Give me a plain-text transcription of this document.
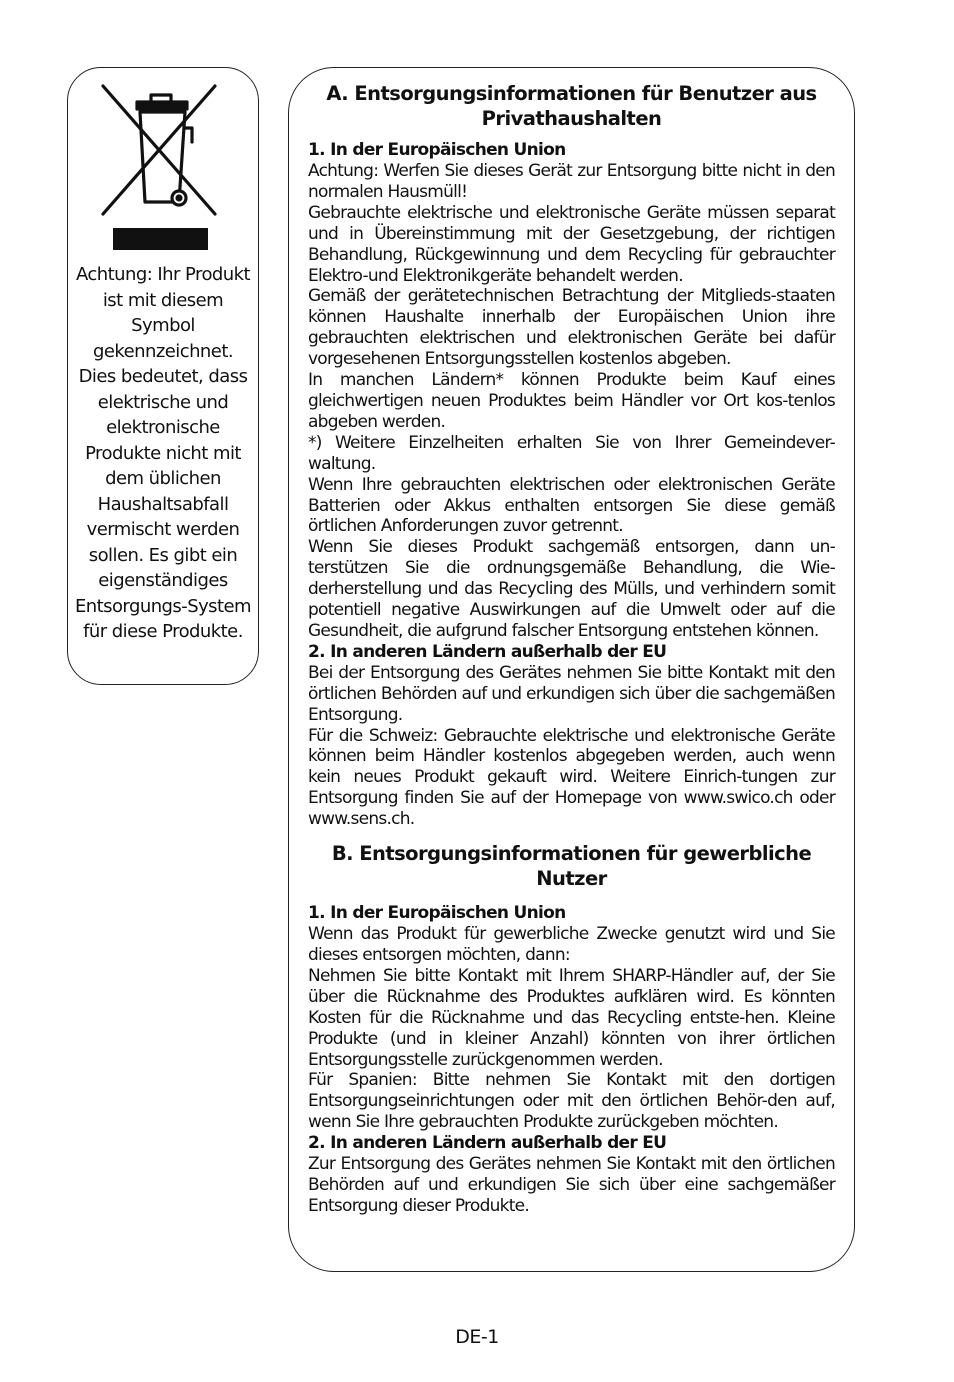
Achtung: Ihr Produkt ist mit diesem Symbol gekennzeichnet. Dies bedeutet, dass elektrische und elektronische Produkte nicht mit dem üblichen Haushaltsabfall vermischt werden sollen. Es gibt ein eigenständiges Entsorgungs-System für diese Produkte.
A. Entsorgungsinformationen für Benutzer aus Privathaushalten

1. In der Europäischen Union

Achtung: Werfen Sie dieses Gerät zur Entsorgung bitte nicht in den normalen Hausmüll!

Gebrauchte elektrische und elektronische Geräte müssen separat und in Übereinstimmung mit der Gesetzgebung, der richtigen Behandlung, Rückgewinnung und dem Recycling für gebrauchter Elektro-und Elektronikgeräte behandelt werden.

Gemäß der gerätetechnischen Betrachtung der Mitglieds-staaten können Haushalte innerhalb der Europäischen Union ihre gebrauchten elektrischen und elektronischen Geräte bei dafür vorgesehenen Entsorgungsstellen kostenlos abgeben.

In manchen Ländern* können Produkte beim Kauf eines gleichwertigen neuen Produktes beim Händler vor Ort kos-tenlos abgeben werden.

*) Weitere Einzelheiten erhalten Sie von Ihrer Gemeindever-waltung.

Wenn Ihre gebrauchten elektrischen oder elektronischen Geräte Batterien oder Akkus enthalten entsorgen Sie diese gemäß örtlichen Anforderungen zuvor getrennt.

Wenn Sie dieses Produkt sachgemäß entsorgen, dann un-terstützen Sie die ordnungsgemäße Behandlung, die Wie-derherstellung und das Recycling des Mülls, und verhindern somit potentiell negative Auswirkungen auf die Umwelt oder auf die Gesundheit, die aufgrund falscher Entsorgung entstehen können.

2. In anderen Ländern außerhalb der EU

Bei der Entsorgung des Gerätes nehmen Sie bitte Kontakt mit den örtlichen Behörden auf und erkundigen sich über die sachgemäßen Entsorgung.

Für die Schweiz: Gebrauchte elektrische und elektronische Geräte können beim Händler kostenlos abgegeben werden, auch wenn kein neues Produkt gekauft wird. Weitere Einrich-tungen zur Entsorgung finden Sie auf der Homepage von www.swico.ch oder www.sens.ch.

B. Entsorgungsinformationen für gewerbliche Nutzer

1. In der Europäischen Union

Wenn das Produkt für gewerbliche Zwecke genutzt wird und Sie dieses entsorgen möchten, dann:

Nehmen Sie bitte Kontakt mit Ihrem SHARP-Händler auf, der Sie über die Rücknahme des Produktes aufklären wird. Es könnten Kosten für die Rücknahme und das Recycling entste-hen. Kleine Produkte (und in kleiner Anzahl) könnten von ihrer örtlichen Entsorgungsstelle zurückgenommen werden.

Für Spanien: Bitte nehmen Sie Kontakt mit den dortigen Entsorgungseinrichtungen oder mit den örtlichen Behör-den auf, wenn Sie Ihre gebrauchten Produkte zurückgeben möchten.

2. In anderen Ländern außerhalb der EU

Zur Entsorgung des Gerätes nehmen Sie Kontakt mit den örtlichen Behörden auf und erkundigen Sie sich über eine sachgemäßer Entsorgung dieser Produkte.

DE-1
